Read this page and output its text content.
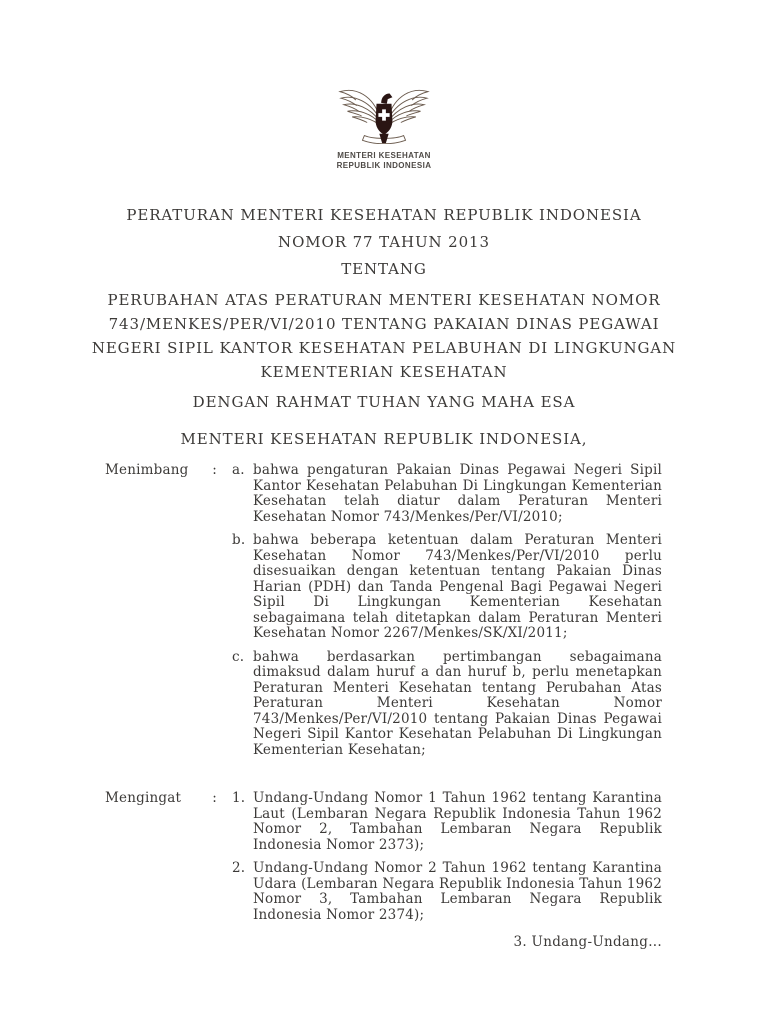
MENTERI KESEHATAN
REPUBLIK INDONESIA

PERATURAN MENTERI KESEHATAN REPUBLIK INDONESIA

NOMOR 77 TAHUN 2013

TENTANG

PERUBAHAN ATAS PERATURAN MENTERI KESEHATAN NOMOR
743/MENKES/PER/VI/2010 TENTANG PAKAIAN DINAS PEGAWAI
NEGERI SIPIL KANTOR KESEHATAN PELABUHAN DI LINGKUNGAN
KEMENTERIAN KESEHATAN

DENGAN RAHMAT TUHAN YANG MAHA ESA

MENTERI KESEHATAN REPUBLIK INDONESIA,

Menimbang : a. bahwa pengaturan Pakaian Dinas Pegawai Negeri Sipil Kantor Kesehatan Pelabuhan Di Lingkungan Kementerian Kesehatan telah diatur dalam Peraturan Menteri Kesehatan Nomor 743/Menkes/Per/VI/2010;
b. bahwa beberapa ketentuan dalam Peraturan Menteri Kesehatan Nomor 743/Menkes/Per/VI/2010 perlu disesuaikan dengan ketentuan tentang Pakaian Dinas Harian (PDH) dan Tanda Pengenal Bagi Pegawai Negeri Sipil Di Lingkungan Kementerian Kesehatan sebagaimana telah ditetapkan dalam Peraturan Menteri Kesehatan Nomor 2267/Menkes/SK/XI/2011;
c. bahwa berdasarkan pertimbangan sebagaimana dimaksud dalam huruf a dan huruf b, perlu menetapkan Peraturan Menteri Kesehatan tentang Perubahan Atas Peraturan Menteri Kesehatan Nomor 743/Menkes/Per/VI/2010 tentang Pakaian Dinas Pegawai Negeri Sipil Kantor Kesehatan Pelabuhan Di Lingkungan Kementerian Kesehatan;
Mengingat : 1. Undang-Undang Nomor 1 Tahun 1962 tentang Karantina Laut (Lembaran Negara Republik Indonesia Tahun 1962 Nomor 2, Tambahan Lembaran Negara Republik Indonesia Nomor 2373);
2. Undang-Undang Nomor 2 Tahun 1962 tentang Karantina Udara (Lembaran Negara Republik Indonesia Tahun 1962 Nomor 3, Tambahan Lembaran Negara Republik Indonesia Nomor 2374);
3. Undang-Undang...
